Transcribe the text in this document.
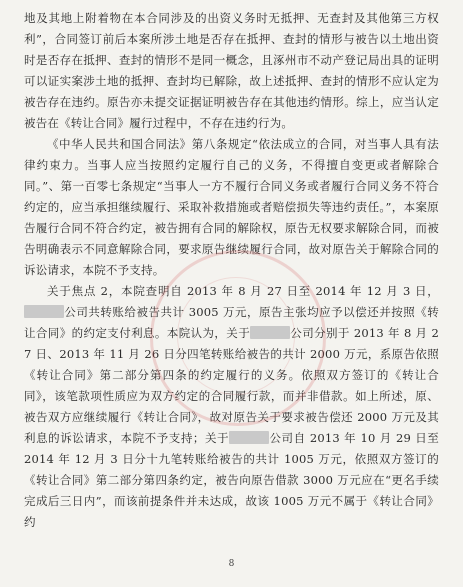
地及其地上附着物在本合同涉及的出资义务时无抵押、无查封及其他第三方权利”，合同签订前后本案所涉土地是否存在抵押、查封的情形与被告以土地出资时是否存在抵押、查封的情形不是同一概念，且涿州市不动产登记局出具的证明可以证实案涉土地的抵押、查封均已解除，故上述抵押、查封的情形不应认定为被告存在违约。原告亦未提交证据证明被告存在其他违约情形。综上，应当认定被告在《转让合同》履行过程中，不存在违约行为。

《中华人民共和国合同法》第八条规定“依法成立的合同，对当事人具有法律约束力。当事人应当按照约定履行自己的义务，不得擅自变更或者解除合同。”、第一百零七条规定“当事人一方不履行合同义务或者履行合同义务不符合约定的，应当承担继续履行、采取补救措施或者赔偿损失等违约责任。”，本案原告履行合同不符合约定，被告拥有合同的解除权，原告无权要求解除合同，而被告明确表示不同意解除合同，要求原告继续履行合同，故对原告关于解除合同的诉讼请求，本院不予支持。

关于焦点 2，本院查明自 2013 年 8 月 27 日至 2014 年 12 月 3 日，公司共转账给被告共计 3005 万元，原告主张均应予以偿还并按照《转让合同》的约定支付利息。本院认为，关于	公司分别于 2013 年 8 月 27 日、2013 年 11 月 26 日分四笔转账给被告的共计 2000 万元，系原告依照《转让合同》第二部分第四条的约定履行的义务。依照双方签订的《转让合同》，该笔款项性质应为双方约定的合同履行款，而并非借款。如上所述，原、被告双方应继续履行《转让合同》，故对原告关于要求被告偿还 2000 万元及其利息的诉讼请求，本院不予支持；关于	公司自 2013 年 10 月 29 日至 2014 年 12 月 3 日分十九笔转账给被告的共计 1005 万元，依照双方签订的《转让合同》第二部分第四条约定，被告向原告借款 3000 万元应在“更名手续完成后三日内”，而该前提条件并未达成，故该 1005 万元不属于《转让合同》约

8
